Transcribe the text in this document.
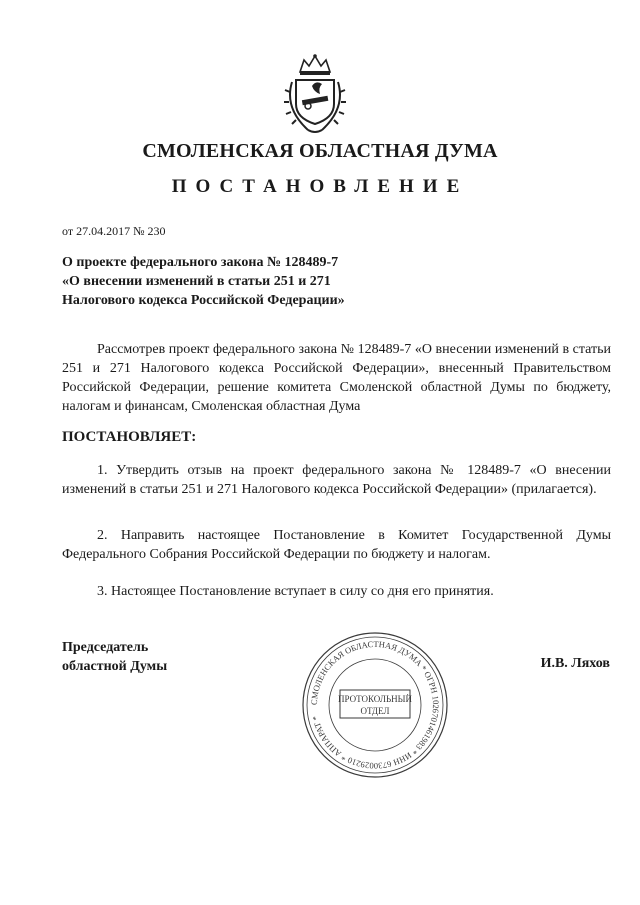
СМОЛЕНСКАЯ ОБЛАСТНАЯ ДУМА
ПОСТАНОВЛЕНИЕ
от 27.04.2017 № 230
О проекте федерального закона № 128489-7
«О внесении изменений в статьи 251 и 271
Налогового кодекса Российской Федерации»
Рассмотрев проект федерального закона № 128489-7 «О внесении изменений в статьи 251 и 271 Налогового кодекса Российской Федерации», внесенный Правительством Российской Федерации, решение комитета Смоленской областной Думы по бюджету, налогам и финансам, Смоленская областная Дума
ПОСТАНОВЛЯЕТ:
1. Утвердить отзыв на проект федерального закона № 128489-7 «О внесении изменений в статьи 251 и 271 Налогового кодекса Российской Федерации» (прилагается).
2. Направить настоящее Постановление в Комитет Государственной Думы Федерального Собрания Российской Федерации по бюджету и налогам.
3. Настоящее Постановление вступает в силу со дня его принятия.
Председатель
областной Думы	И.В. Ляхов
СМОЛЕНСКАЯ ОБЛАСТНАЯ ДУМА * ОГРН 1026701461983 * ИНН 6730029210 * АППАРАТ *
ПРОТОКОЛЬНЫЙ
ОТДЕЛ
